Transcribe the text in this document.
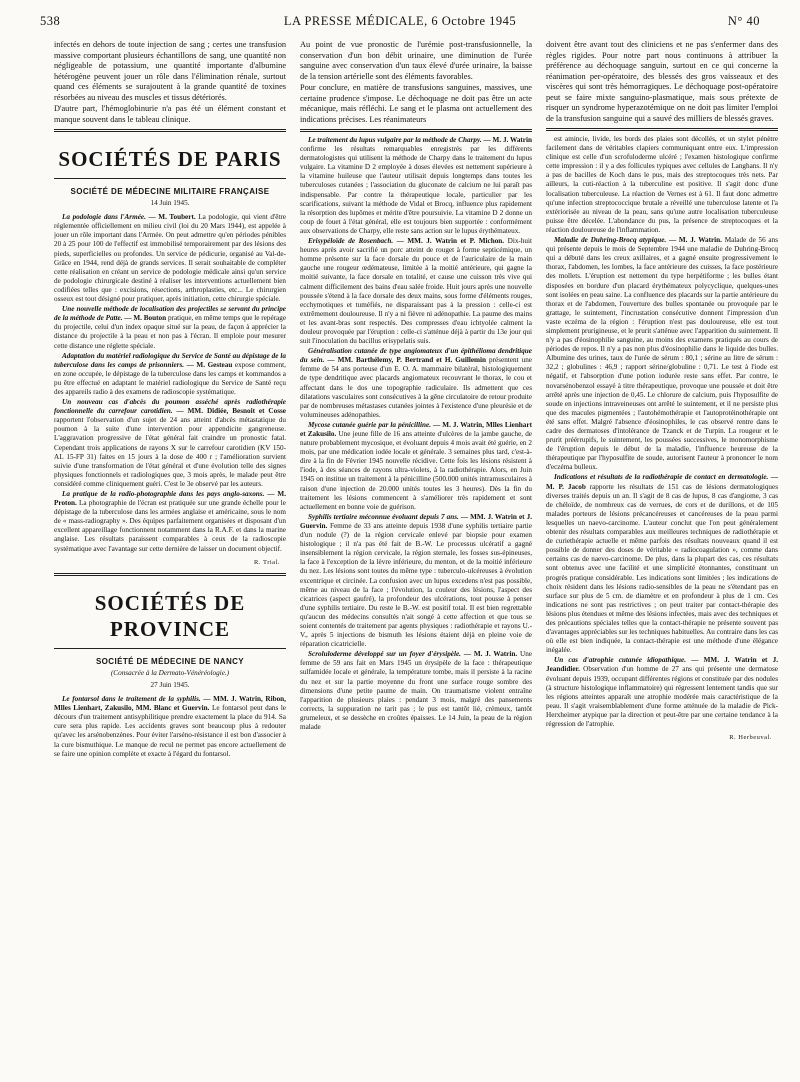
538	LA PRESSE MÉDICALE, 6 Octobre 1945	N° 40

infectés en dehors de toute injection de sang ; certes une transfusion massive comportant plusieurs échantillons de sang, une quantité non négligeable de potassium, une quantité importante d'albumine hétérogène peuvent jouer un rôle dans l'élimination rénale, surtout quand ces éléments se surajoutent à la grande quantité de toxines résorbées au niveau des muscles et tissus détériorés.

D'autre part, l'hémoglobinurie n'a pas été un élément constant et manque souvent dans le tableau clinique.

SOCIÉTÉS DE PARIS
SOCIÉTÉ DE MÉDECINE MILITAIRE FRANÇAISE
14 Juin 1945.

La podologie dans l'Armée. — M. Toubert. La podologie, qui vient d'être réglementée officiellement en milieu civil (loi du 20 Mars 1944), est appelée à jouer un rôle important dans l'Armée. On peut admettre qu'en périodes pénibles 20 à 25 pour 100 de l'effectif est immobilisé temporairement par des lésions des pieds, superficielles ou profondes. Un service de pédicurie, organisé au Val-de-Grâce en 1944, rend déjà de grands services. Il serait souhaitable de compléter cette réalisation en créant un service de podologie médicale ainsi qu'un service de podologie chirurgicale destiné à réaliser les interventions actuellement bien codifiées telles que : excisions, résections, arthroplasties, etc... Le chirurgien osseux est tout désigné pour pratiquer, après initiation, cette chirurgie spéciale.

Une nouvelle méthode de localisation des projectiles se servant du principe de la méthode de Patte. — M. Bouton pratique, en même temps que le repérage du projectile, celui d'un index opaque situé sur la peau, de façon à apprécier la distance du projectile à la peau et non pas à l'écran. Il emploie pour mesurer cette distance une réglette spéciale.

Adaptation du matériel radiologique du Service de Santé au dépistage de la tuberculose dans les camps de prisonniers. — M. Gesteau expose comment, en zone occupée, le dépistage de la tuberculose dans les camps et kommandos a pu être effectué en adaptant le matériel radiologique du Service de Santé reçu des appareils radio à des examens de radioscopie systématique.

Un nouveau cas d'abcès du poumon asséché après radiothérapie fonctionnelle du carrefour carotidien. — MM. Didiée, Besnoit et Cosse rapportent l'observation d'un sujet de 24 ans atteint d'abcès métastatique du poumon à la suite d'une intervention pour appendicite gangreneuse. L'aggravation progressive de l'état général fait craindre un pronostic fatal. Cependant trois applications de rayons X sur le carrefour carotidien (KV 150-AL 15-FP 31) faites en 15 jours à la dose de 400 r ; l'amélioration survient suivie d'une transformation de l'état général et d'une évolution telle des signes physiques fonctionnels et radiologiques que, 3 mois après, le malade peut être considéré comme cliniquement guéri. C'est le 3e observé par les auteurs.

La pratique de la radio-photographie dans les pays anglo-saxons. — M. Proton. La photographie de l'écran est pratiquée sur une grande échelle pour le dépistage de la tuberculose dans les armées anglaise et américaine, sous le nom de « mass-radiography ». Des équipes parfaitement organisées et disposant d'un excellent appareillage fonctionnent notamment dans la R.A.F. et dans la marine anglaise. Les résultats paraissent comparables à ceux de la radioscopie systématique avec l'avantage sur cette dernière de laisser un document objectif.

R. Trial.
SOCIÉTÉS DE PROVINCE
SOCIÉTÉ DE MÉDECINE DE NANCY
(Consacrée à la Dermato-Vénéréologie.)
27 Juin 1945.

Le fontarsol dans le traitement de la syphilis. — MM. J. Watrin, Ribon, Mlles Lienhart, Zakusilo, MM. Blanc et Guervin. Le fontarsol peut dans le décours d'un traitement antisyphilitique prendre exactement la place du 914. Sa cure sera plus rapide. Les accidents graves sont beaucoup plus à redouter qu'avec les arsénobenzènes. Pour éviter l'arséno-résistance il est bon d'associer à la cure bismuthique. Le manque de recul ne permet pas encore actuellement de se faire une opinion complète et exacte à l'égard du fontarsol.

Au point de vue pronostic de l'urémie post-transfusionnelle, la conservation d'un bon débit urinaire, une diminution de l'urée sanguine avec conservation d'un taux élevé d'urée urinaire, la baisse de la tension artérielle sont des éléments favorables.

Pour conclure, en matière de transfusions sanguines, massives, une certaine prudence s'impose. Le déchoquage ne doit pas être un acte mécanique, mais réfléchi. Le sang et le plasma ont actuellement des indications précises. Les réanimateurs

Le traitement du lupus vulgaire par la méthode de Charpy. — M. J. Watrin confirme les résultats remarquables enregistrés par les différents dermatologistes qui utilisent la méthode de Charpy dans le traitement du lupus vulgaire. La vitamine D 2 employée à doses élevées est nettement supérieure à la vitamine huileuse que l'auteur utilisait depuis longtemps dans toutes les tuberculoses cutanées ; l'association du gluconate de calcium ne lui paraît pas indispensable. Par contre la thérapeutique locale, particulier par les scarifications, suivant la méthode de Vidal et Brocq, influence plus rapidement la résorption des lupômes et mérite d'être poursuivie. La vitamine D 2 donne un coup de fouet à l'état général, elle est toujours bien supportée : conformément aux observations de Charpy, elle reste sans action sur le lupus érythémateux.

Erisypéloïde de Rosenbach. — MM. J. Watrin et P. Michon. Dix-huit heures après avoir sacrifié un porc atteint de rouget à forme septicémique, un homme présente sur la face dorsale du pouce et de l'auriculaire de la main gauche une rougeur œdémateuse, limitée à la moitié antérieure, qui gagne la moitié suivante, la face dorsale en totalité, et cause une cuisson très vive qui calment difficilement des bains d'eau salée froide. Huit jours après une nouvelle poussée s'étend à la face dorsale des deux mains, sous forme d'éléments rouges, ecchymotiques et tuméfiés, ne disparaissant pas à la pression : celle-ci est extrêmement douloureuse. Il n'y a ni fièvre ni adénopathie. La paume des mains et les avant-bras sont respectés. Des compresses d'eau ichtyolée calment la douleur provoquée par l'éruption : celle-ci s'atténue déjà à partir du 13e jour qui suit l'inoculation du bacillus erisypelatis suis.

Généralisation cutanée de type angiomateux d'un épithélioma dendritique du sein. — MM. Barthélemy, P. Bertrand et H. Guillemin présentent une femme de 54 ans porteuse d'un E. O. A. mammaire bilatéral, histologiquement de type dendritique avec placards angiomateux recouvrant le thorax, le cou et affectant dans le dos une topographie radiculaire. Ils admettent que ces dilatations vasculaires sont consécutives à la gêne circulatoire de retour produite par de nombreuses métastases cutanées jointes à l'existence d'une pleurésie et de volumineuses adénopathies.

Mycose cutanée guérie par la pénicilline. — M. J. Watrin, Mlles Lienhart et Zakusilo. Une jeune fille de 16 ans atteinte d'ulcères de la jambe gauche, de nature probablement mycosique, et évoluant depuis 4 mois avait été guérie, en 2 mois, par une médication iodée locale et générale. 3 semaines plus tard, c'est-à-dire à la fin de Février 1945 nouvelle récidive. Cette fois les lésions résistent à l'iode, à des séances de rayons ultra-violets, à la radiothérapie. Alors, en Juin 1945 on institue un traitement à la pénicilline (500.000 unités intramusculaires à raison d'une injection de 20.000 unités toutes les 3 heures). Dès la fin du traitement les lésions commencent à s'améliorer très rapidement et sont actuellement en bonne voie de guérison.

Syphilis tertiaire méconnue évoluant depuis 7 ans. — MM. J. Watrin et J. Guervin. Femme de 33 ans atteinte depuis 1938 d'une syphilis tertiaire partie d'un nodule (?) de la région cervicale enlevé par biopsie pour examen histologique ; il n'a pas été fait de B.-W. Le processus ulcératif a gagné insensiblement la région cervicale, la région sternale, les fosses sus-épineuses, la face à l'exception de la lèvre inférieure, du menton, et de la moitié inférieure du nez. Les lésions sont toutes du même type : tuberculo-ulcéreuses à évolution excentrique et circinée. La confusion avec un lupus excedens n'est pas possible, même au niveau de la face ; l'évolution, la couleur des lésions, l'aspect des cicatrices (aspect gaufré), la profondeur des ulcérations, tout pousse à penser d'une syphilis tertiaire. Du reste le B.-W. est positif total. Il est bien regrettable qu'aucun des médecins consultés n'ait songé à cette affection et que tous se soient contentés de traitement par agents physiques : radiothérapie et rayons U.-V., après 5 injections de bismuth les lésions étaient déjà en pleine voie de réparation cicatricielle.

Scroluloderme développé sur un foyer d'érysipèle. — M. J. Watrin. Une femme de 59 ans fait en Mars 1945 un érysipèle de la face : thérapeutique sulfamidée locale et générale, la température tombe, mais il persiste à la racine du nez et sur la partie moyenne du front une surface rouge sombre des dimensions d'une petite paume de main. On traumatisme violent entraîne l'apparition de plusieurs plaies : pendant 3 mois, malgré des pansements corrects, la suppuration ne tarit pas ; le pus est tantôt lié, crémeux, tantôt grumeleux, et se dessèche en croûtes épaisses. Le 14 Juin, la peau de la région malade

doivent être avant tout des cliniciens et ne pas s'enfermer dans des règles rigides. Pour notre part nous continuons à attribuer la préférence au déchoquage sanguin, surtout en ce qui concerne la réanimation per-opératoire, des blessés des gros vaisseaux et des viscères qui sont très hémorragiques. Le déchoquage post-opératoire peut se faire mixte sanguino-plasmatique, mais sous prétexte de risquer un syndrome hyperazotémique on ne doit pas limiter l'emploi de la transfusion sanguine qui a sauvé des milliers de blessés graves.

est amincie, livide, les bords des plaies sont décollés, et un stylet pénètre facilement dans de véritables clapiers communiquant entre eux. L'impression clinique est celle d'un scrofuloderme ulcéré ; l'examen histologique confirme cette impression : il y a des follicules typiques avec cellules de Langhans. Il n'y a pas de bacilles de Koch dans le pus, mais des streptocoques très nets. Par ailleurs, la cuti-réaction à la tuberculine est positive. Il s'agit donc d'une localisation tuberculeuse. La réaction de Vernes est à 61. Il faut donc admettre qu'une infection streptococcique brutale a réveillé une tuberculose latente et l'a extériorisée au niveau de la peau, sans qu'une autre localisation tuberculeuse puisse être décelée. L'abondance du pus, la présence de streptocoques et la réaction douloureuse de l'inflammation.

Maladie de Duhring-Brocq atypique. — M. J. Watrin. Malade de 56 ans qui présente depuis le mois de Septembre 1944 une maladie de Duhring-Brocq qui a débuté dans les creux axillaires, et a gagné ensuite progressivement le thorax, l'abdomen, les lombes, la face antérieure des cuisses, la face postérieure des mollets. L'éruption est nettement du type herpétiforme ; les bulles étant disposées en bordure d'un placard érythémateux polycyclique, quelques-unes sont isolées en peau saine. La confluence des placards sur la partie antérieure du thorax et de l'abdomen, l'ouverture des bulles spontanée ou provoquée par le grattage, le suintement, l'incrustation consécutive donnent l'impression d'un vaste eczéma de la région : l'éruption n'est pas douloureuse, elle est tout simplement prurigineuse, et le prurit s'atténue avec l'apparition du suintement. Il n'y a pas d'éosinophilie sanguine, au moins des examens pratiqués au cours de périodes de repos. Il n'y a pas non plus d'éosinophilie dans le liquide des bulles. Albumine des urines, taux de l'urée de sérum : 80,1 ; sérine au litre de sérum : 32,2 ; globulines : 46,9 ; rapport sérine/globuline : 0,71. Le test à l'iode est négatif, et l'absorption d'une potion iodurée reste sans effet. Par contre, le novarsénobenzol essayé à titre thérapeutique, provoque une poussée et doit être arrêté après une injection de 0,45. Le chlorure de calcium, puis l'hyposulfite de soude en injections intraveineuses ont arrêté le suintement, et il ne persiste plus que des macules pigmentées ; l'autohémothérapie et l'autoprotéinothérapie ont été sans effet. Malgré l'absence d'éosinophiles, le cas observé rentre dans le cadre des dermatoses d'intolérance de Tzanck et de Turpin. La rougeur et le prurit préérrupifs, le suintement, les poussées successives, le monomorphisme de l'éruption depuis le début de la maladie, l'influence heureuse de la thérapeutique par l'hyposulfite de soude, autorisent l'auteur à prononcer le nom d'eczéma bulleux.

Indications et résultats de la radiothérapie de contact en dermatologie. — M. P. Jacob rapporte les résultats de 151 cas de lésions dermatologiques diverses traités depuis un an. Il s'agit de 8 cas de lupus, 8 cas d'angiome, 3 cas de chéloïde, de nombreux cas de verrues, de cors et de durillons, et de 105 malades porteurs de lésions précancéreuses et cancéreuses de la peau parmi lesquelles un naevo-carcinome. L'auteur conclut que l'on peut généralement obtenir des résultats comparables aux meilleures techniques de radiothérapie et de curiethérapie actuelle et même parfois des résultats nouveaux quand il est possible de donner des doses de véritable « radiocoagulation », comme dans certains cas de naevo-carcinome. De plus, dans la plupart des cas, ces résultats sont obtenus avec une facilité et une simplicité étonnantes, constituant un progrès pratique considérable. Les indications sont limitées ; les indications de choix résident dans les lésions radio-sensibles de la peau ne s'étendant pas en surface sur plus de 5 cm. de diamètre et en profondeur à plus de 1 cm. Ces indications ne sont pas restrictives ; on peut traiter par contact-thérapie des lésions plus étendues et même des lésions infectées, mais avec des techniques et des précautions spéciales telles que la contact-thérapie ne présente souvent pas d'avantages appréciables sur les techniques habituelles. Au contraire dans les cas où elle est bien indiquée, la contact-thérapie est une méthode d'une élégance inégalée.

Un cas d'atrophie cutanée idiopathique. — MM. J. Watrin et J. Jeandidier. Observation d'un homme de 27 ans qui présente une dermatose évoluant depuis 1939, occupant différentes régions et constituée par des nodules (à structure histologique inflammatoire) qui régressent lentement tandis que sur les régions atteintes apparaît une atrophie modérée mais caractéristique de la peau. Il s'agit vraisemblablement d'une forme atténuée de la maladie de Pick-Herxheimer atypique par la direction et peut-être par une certaine tendance à la régression de l'atrophie.

R. Herbeuval.
